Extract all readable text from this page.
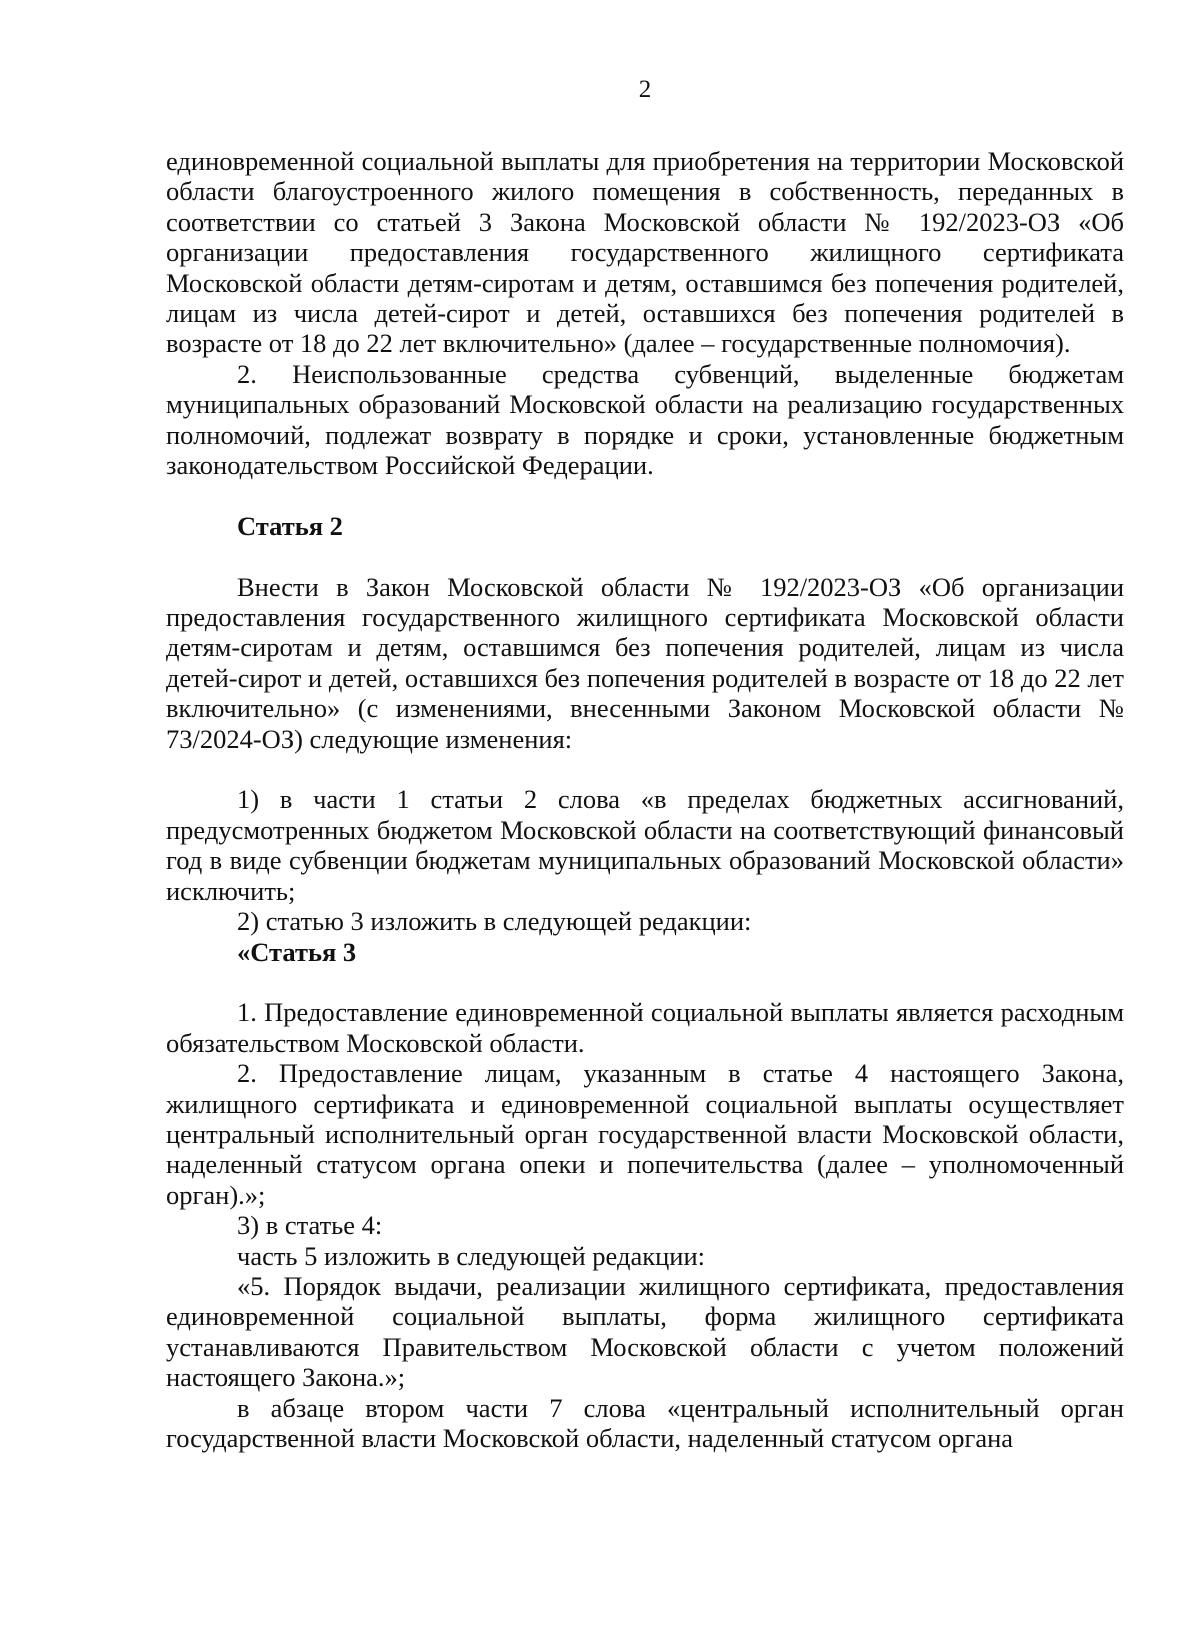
2

единовременной социальной выплаты для приобретения на территории Московской области благоустроенного жилого помещения в собственность, переданных в соответствии со статьей 3 Закона Московской области № 192/2023-ОЗ «Об организации предоставления государственного жилищного сертификата Московской области детям-сиротам и детям, оставшимся без попечения родителей, лицам из числа детей-сирот и детей, оставшихся без попечения родителей в возрасте от 18 до 22 лет включительно» (далее – государственные полномочия).

2. Неиспользованные средства субвенций, выделенные бюджетам муниципальных образований Московской области на реализацию государственных полномочий, подлежат возврату в порядке и сроки, установленные бюджетным законодательством Российской Федерации.

Статья 2

Внести в Закон Московской области № 192/2023-ОЗ «Об организации предоставления государственного жилищного сертификата Московской области детям-сиротам и детям, оставшимся без попечения родителей, лицам из числа детей-сирот и детей, оставшихся без попечения родителей в возрасте от 18 до 22 лет включительно» (с изменениями, внесенными Законом Московской области № 73/2024-ОЗ) следующие изменения:

1) в части 1 статьи 2 слова «в пределах бюджетных ассигнований, предусмотренных бюджетом Московской области на соответствующий финансовый год в виде субвенции бюджетам муниципальных образований Московской области» исключить;

2) статью 3 изложить в следующей редакции:

«Статья 3

1. Предоставление единовременной социальной выплаты является расходным обязательством Московской области.

2. Предоставление лицам, указанным в статье 4 настоящего Закона, жилищного сертификата и единовременной социальной выплаты осуществляет центральный исполнительный орган государственной власти Московской области, наделенный статусом органа опеки и попечительства (далее – уполномоченный орган).»;

3) в статье 4:

часть 5 изложить в следующей редакции:

«5. Порядок выдачи, реализации жилищного сертификата, предоставления единовременной социальной выплаты, форма жилищного сертификата устанавливаются Правительством Московской области с учетом положений настоящего Закона.»;

в абзаце втором части 7 слова «центральный исполнительный орган государственной власти Московской области, наделенный статусом органа
